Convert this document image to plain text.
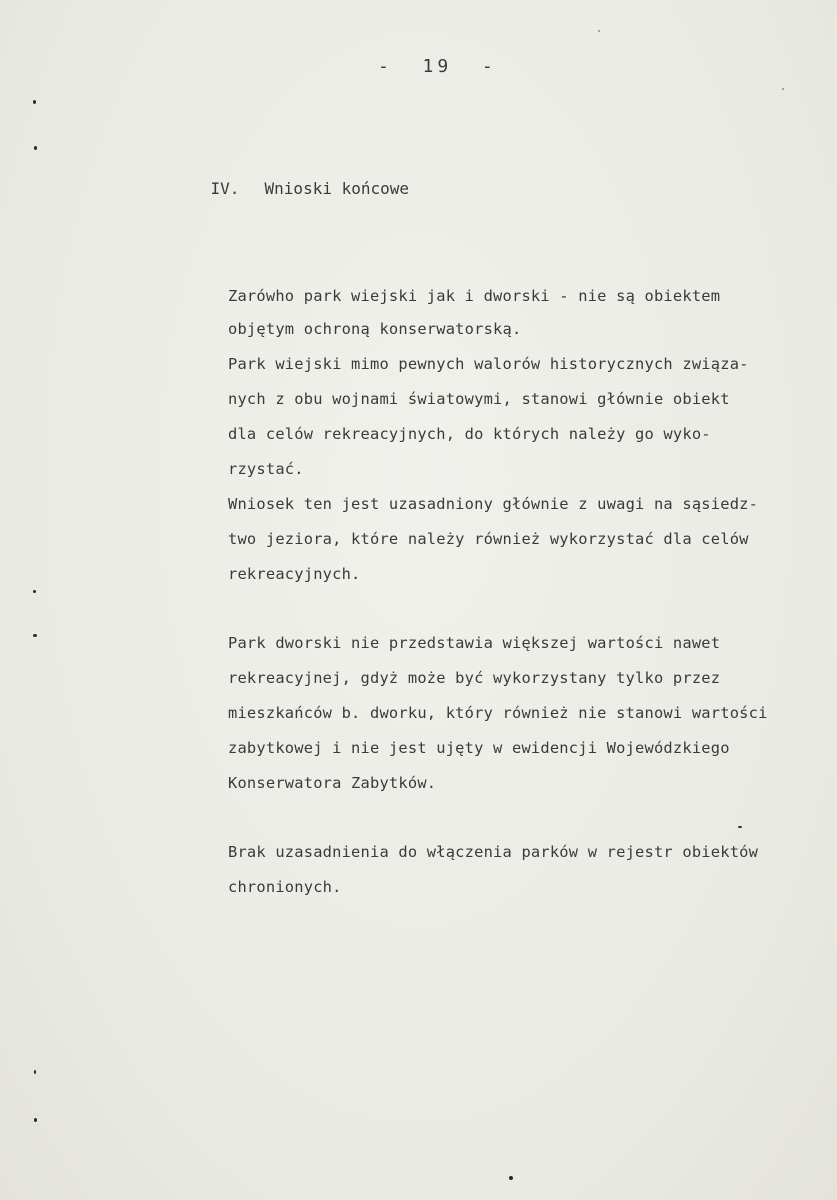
-  19  -

IV. Wnioski końcowe

Zarówho park wiejski jak i dworski - nie są obiektem
objętym ochroną konserwatorską.
Park wiejski mimo pewnych walorów historycznych związa-
nych z obu wojnami światowymi, stanowi głównie obiekt
dla celów rekreacyjnych, do których należy go wyko-
rzystać.
Wniosek ten jest uzasadniony głównie z uwagi na sąsiedz-
two jeziora, które należy również wykorzystać dla celów
rekreacyjnych.
Park dworski nie przedstawia większej wartości nawet
rekreacyjnej, gdyż może być wykorzystany tylko przez
mieszkańców b. dworku, który również nie stanowi wartości
zabytkowej i nie jest ujęty w ewidencji Wojewódzkiego
Konserwatora Zabytków.
Brak uzasadnienia do włączenia parków w rejestr obiektów
chronionych.
